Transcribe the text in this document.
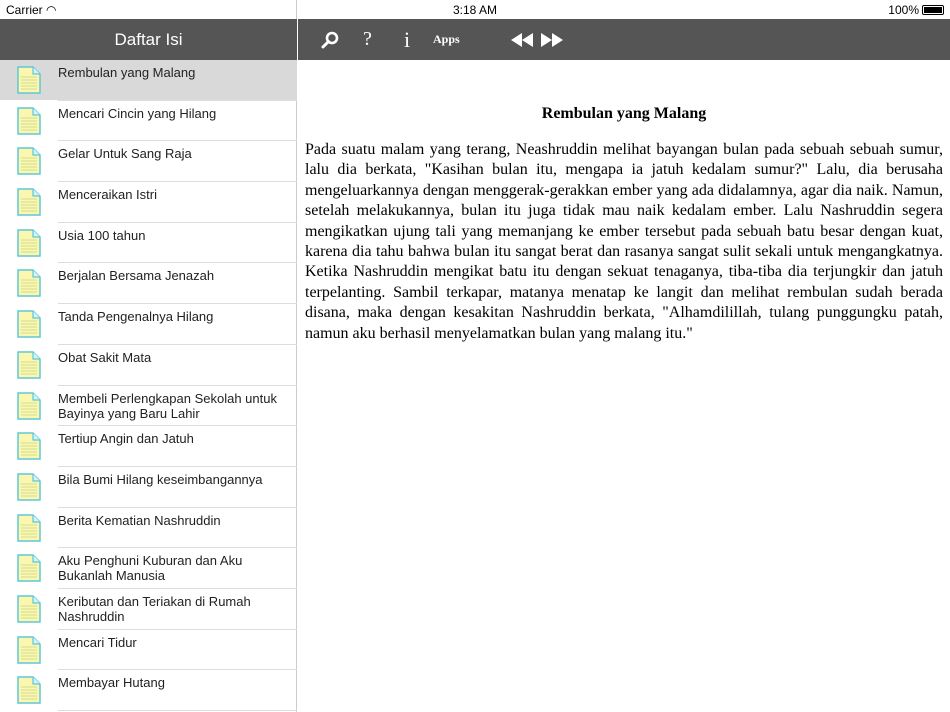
Carrier ◠	3:18 AM	100%
Daftar Isi
Rembulan yang Malang
Mencari Cincin yang Hilang
Gelar Untuk Sang Raja
Menceraikan Istri
Usia 100 tahun
Berjalan Bersama Jenazah
Tanda Pengenalnya Hilang
Obat Sakit Mata
Membeli Perlengkapan Sekolah untuk Bayinya yang Baru Lahir
Tertiup Angin dan Jatuh
Bila Bumi Hilang keseimbangannya
Berita Kematian Nashruddin
Aku Penghuni Kuburan dan Aku Bukanlah Manusia
Keributan dan Teriakan di Rumah Nashruddin
Mencari Tidur
Membayar Hutang
? i Apps
Rembulan yang Malang

Pada suatu malam yang terang, Neashruddin melihat bayangan bulan pada sebuah sebuah sumur, lalu dia berkata, "Kasihan bulan itu, mengapa ia jatuh kedalam sumur?" Lalu, dia berusaha mengeluarkannya dengan menggerak-gerakkan ember yang ada didalamnya, agar dia naik. Namun, setelah melakukannya, bulan itu juga tidak mau naik kedalam ember. Lalu Nashruddin segera mengikatkan ujung tali yang memanjang ke ember tersebut pada sebuah batu besar dengan kuat, karena dia tahu bahwa bulan itu sangat berat dan rasanya sangat sulit sekali untuk mengangkatnya. Ketika Nashruddin mengikat batu itu dengan sekuat tenaganya, tiba-tiba dia terjungkir dan jatuh terpelanting. Sambil terkapar, matanya menatap ke langit dan melihat rembulan sudah berada disana, maka dengan kesakitan Nashruddin berkata, "Alhamdilillah, tulang punggungku patah, namun aku berhasil menyelamatkan bulan yang malang itu."
